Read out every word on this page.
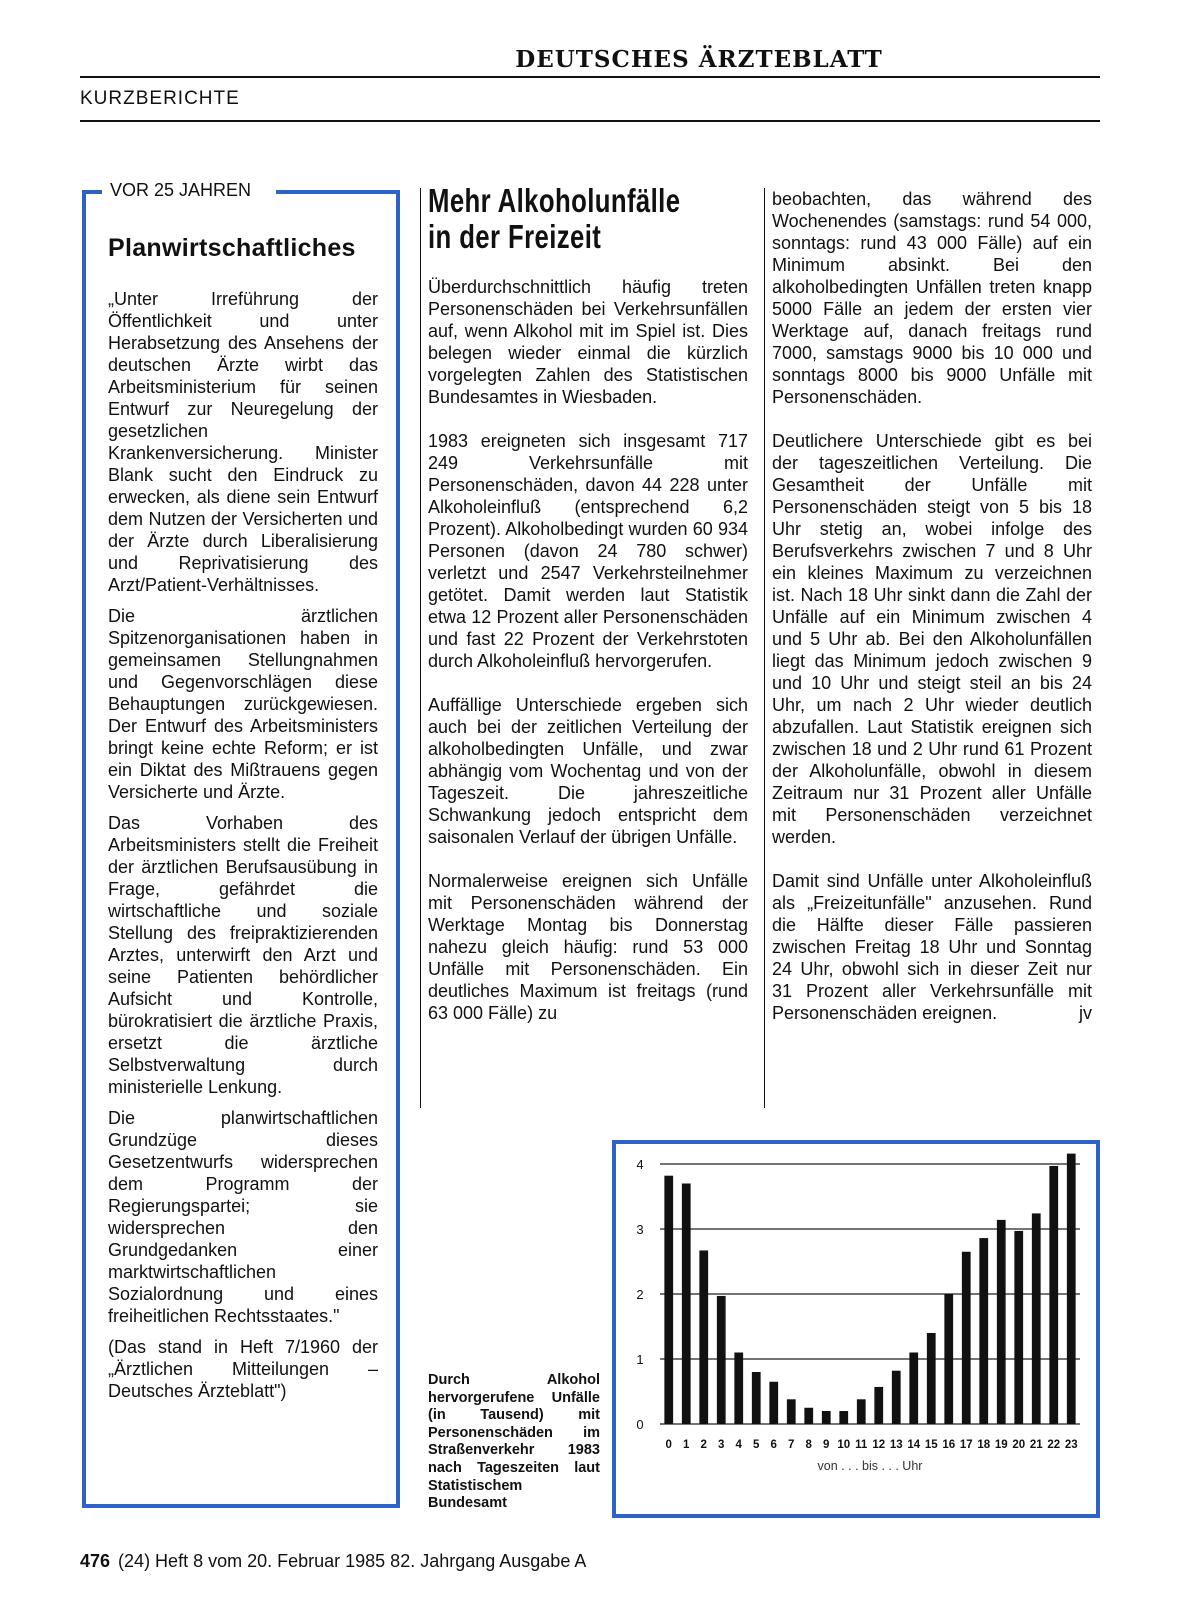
DEUTSCHES ÄRZTEBLATT
KURZBERICHTE
VOR 25 JAHREN
Planwirtschaftliches

„Unter Irreführung der Öffentlichkeit und unter Herabsetzung des Ansehens der deutschen Ärzte wirbt das Arbeitsministerium für seinen Entwurf zur Neuregelung der gesetzlichen Krankenversicherung. Minister Blank sucht den Eindruck zu erwecken, als diene sein Entwurf dem Nutzen der Versicherten und der Ärzte durch Liberalisierung und Reprivatisierung des Arzt/Patient-Verhältnisses.

Die ärztlichen Spitzenorganisationen haben in gemeinsamen Stellungnahmen und Gegenvorschlägen diese Behauptungen zurückgewiesen. Der Entwurf des Arbeitsministers bringt keine echte Reform; er ist ein Diktat des Mißtrauens gegen Versicherte und Ärzte.

Das Vorhaben des Arbeitsministers stellt die Freiheit der ärztlichen Berufsausübung in Frage, gefährdet die wirtschaftliche und soziale Stellung des freipraktizierenden Arztes, unterwirft den Arzt und seine Patienten behördlicher Aufsicht und Kontrolle, bürokratisiert die ärztliche Praxis, ersetzt die ärztliche Selbstverwaltung durch ministerielle Lenkung.

Die planwirtschaftlichen Grundzüge dieses Gesetzentwurfs widersprechen dem Programm der Regierungspartei; sie widersprechen den Grundgedanken einer marktwirtschaftlichen Sozialordnung und eines freiheitlichen Rechtsstaates."

(Das stand in Heft 7/1960 der „Ärztlichen Mitteilungen – Deutsches Ärzteblatt")

Mehr Alkoholunfälle
in der Freizeit

Überdurchschnittlich häufig treten Personenschäden bei Verkehrsunfällen auf, wenn Alkohol mit im Spiel ist. Dies belegen wieder einmal die kürzlich vorgelegten Zahlen des Statistischen Bundesamtes in Wiesbaden.

1983 ereigneten sich insgesamt 717 249 Verkehrsunfälle mit Personenschäden, davon 44 228 unter Alkoholeinfluß (entsprechend 6,2 Prozent). Alkoholbedingt wurden 60 934 Personen (davon 24 780 schwer) verletzt und 2547 Verkehrsteilnehmer getötet. Damit werden laut Statistik etwa 12 Prozent aller Personenschäden und fast 22 Prozent der Verkehrstoten durch Alkoholeinfluß hervorgerufen.

Auffällige Unterschiede ergeben sich auch bei der zeitlichen Verteilung der alkoholbedingten Unfälle, und zwar abhängig vom Wochentag und von der Tageszeit. Die jahreszeitliche Schwankung jedoch entspricht dem saisonalen Verlauf der übrigen Unfälle.

Normalerweise ereignen sich Unfälle mit Personenschäden während der Werktage Montag bis Donnerstag nahezu gleich häufig: rund 53 000 Unfälle mit Personenschäden. Ein deutliches Maximum ist freitags (rund 63 000 Fälle) zu

beobachten, das während des Wochenendes (samstags: rund 54 000, sonntags: rund 43 000 Fälle) auf ein Minimum absinkt. Bei den alkoholbedingten Unfällen treten knapp 5000 Fälle an jedem der ersten vier Werktage auf, danach freitags rund 7000, samstags 9000 bis 10 000 und sonntags 8000 bis 9000 Unfälle mit Personenschäden.

Deutlichere Unterschiede gibt es bei der tageszeitlichen Verteilung. Die Gesamtheit der Unfälle mit Personenschäden steigt von 5 bis 18 Uhr stetig an, wobei infolge des Berufsverkehrs zwischen 7 und 8 Uhr ein kleines Maximum zu verzeichnen ist. Nach 18 Uhr sinkt dann die Zahl der Unfälle auf ein Minimum zwischen 4 und 5 Uhr ab. Bei den Alkoholunfällen liegt das Minimum jedoch zwischen 9 und 10 Uhr und steigt steil an bis 24 Uhr, um nach 2 Uhr wieder deutlich abzufallen. Laut Statistik ereignen sich zwischen 18 und 2 Uhr rund 61 Prozent der Alkoholunfälle, obwohl in diesem Zeitraum nur 31 Prozent aller Unfälle mit Personenschäden verzeichnet werden.

Damit sind Unfälle unter Alkoholeinfluß als „Freizeitunfälle" anzusehen. Rund die Hälfte dieser Fälle passieren zwischen Freitag 18 Uhr und Sonntag 24 Uhr, obwohl sich in dieser Zeit nur 31 Prozent aller Verkehrsunfälle mit Personenschäden ereignen.	jv

Durch Alkohol hervorgerufene Unfälle (in Tausend) mit Personenschäden im Straßenverkehr 1983 nach Tageszeiten laut Statistischem Bundesamt
0
1
2
3
4
0 1 2 3 4 5 6 7 8 9 10 11 12 13 14 15 16 17 18 19 20 21 22 23
von . . . bis . . . Uhr
476 (24) Heft 8 vom 20. Februar 1985 82. Jahrgang Ausgabe A
